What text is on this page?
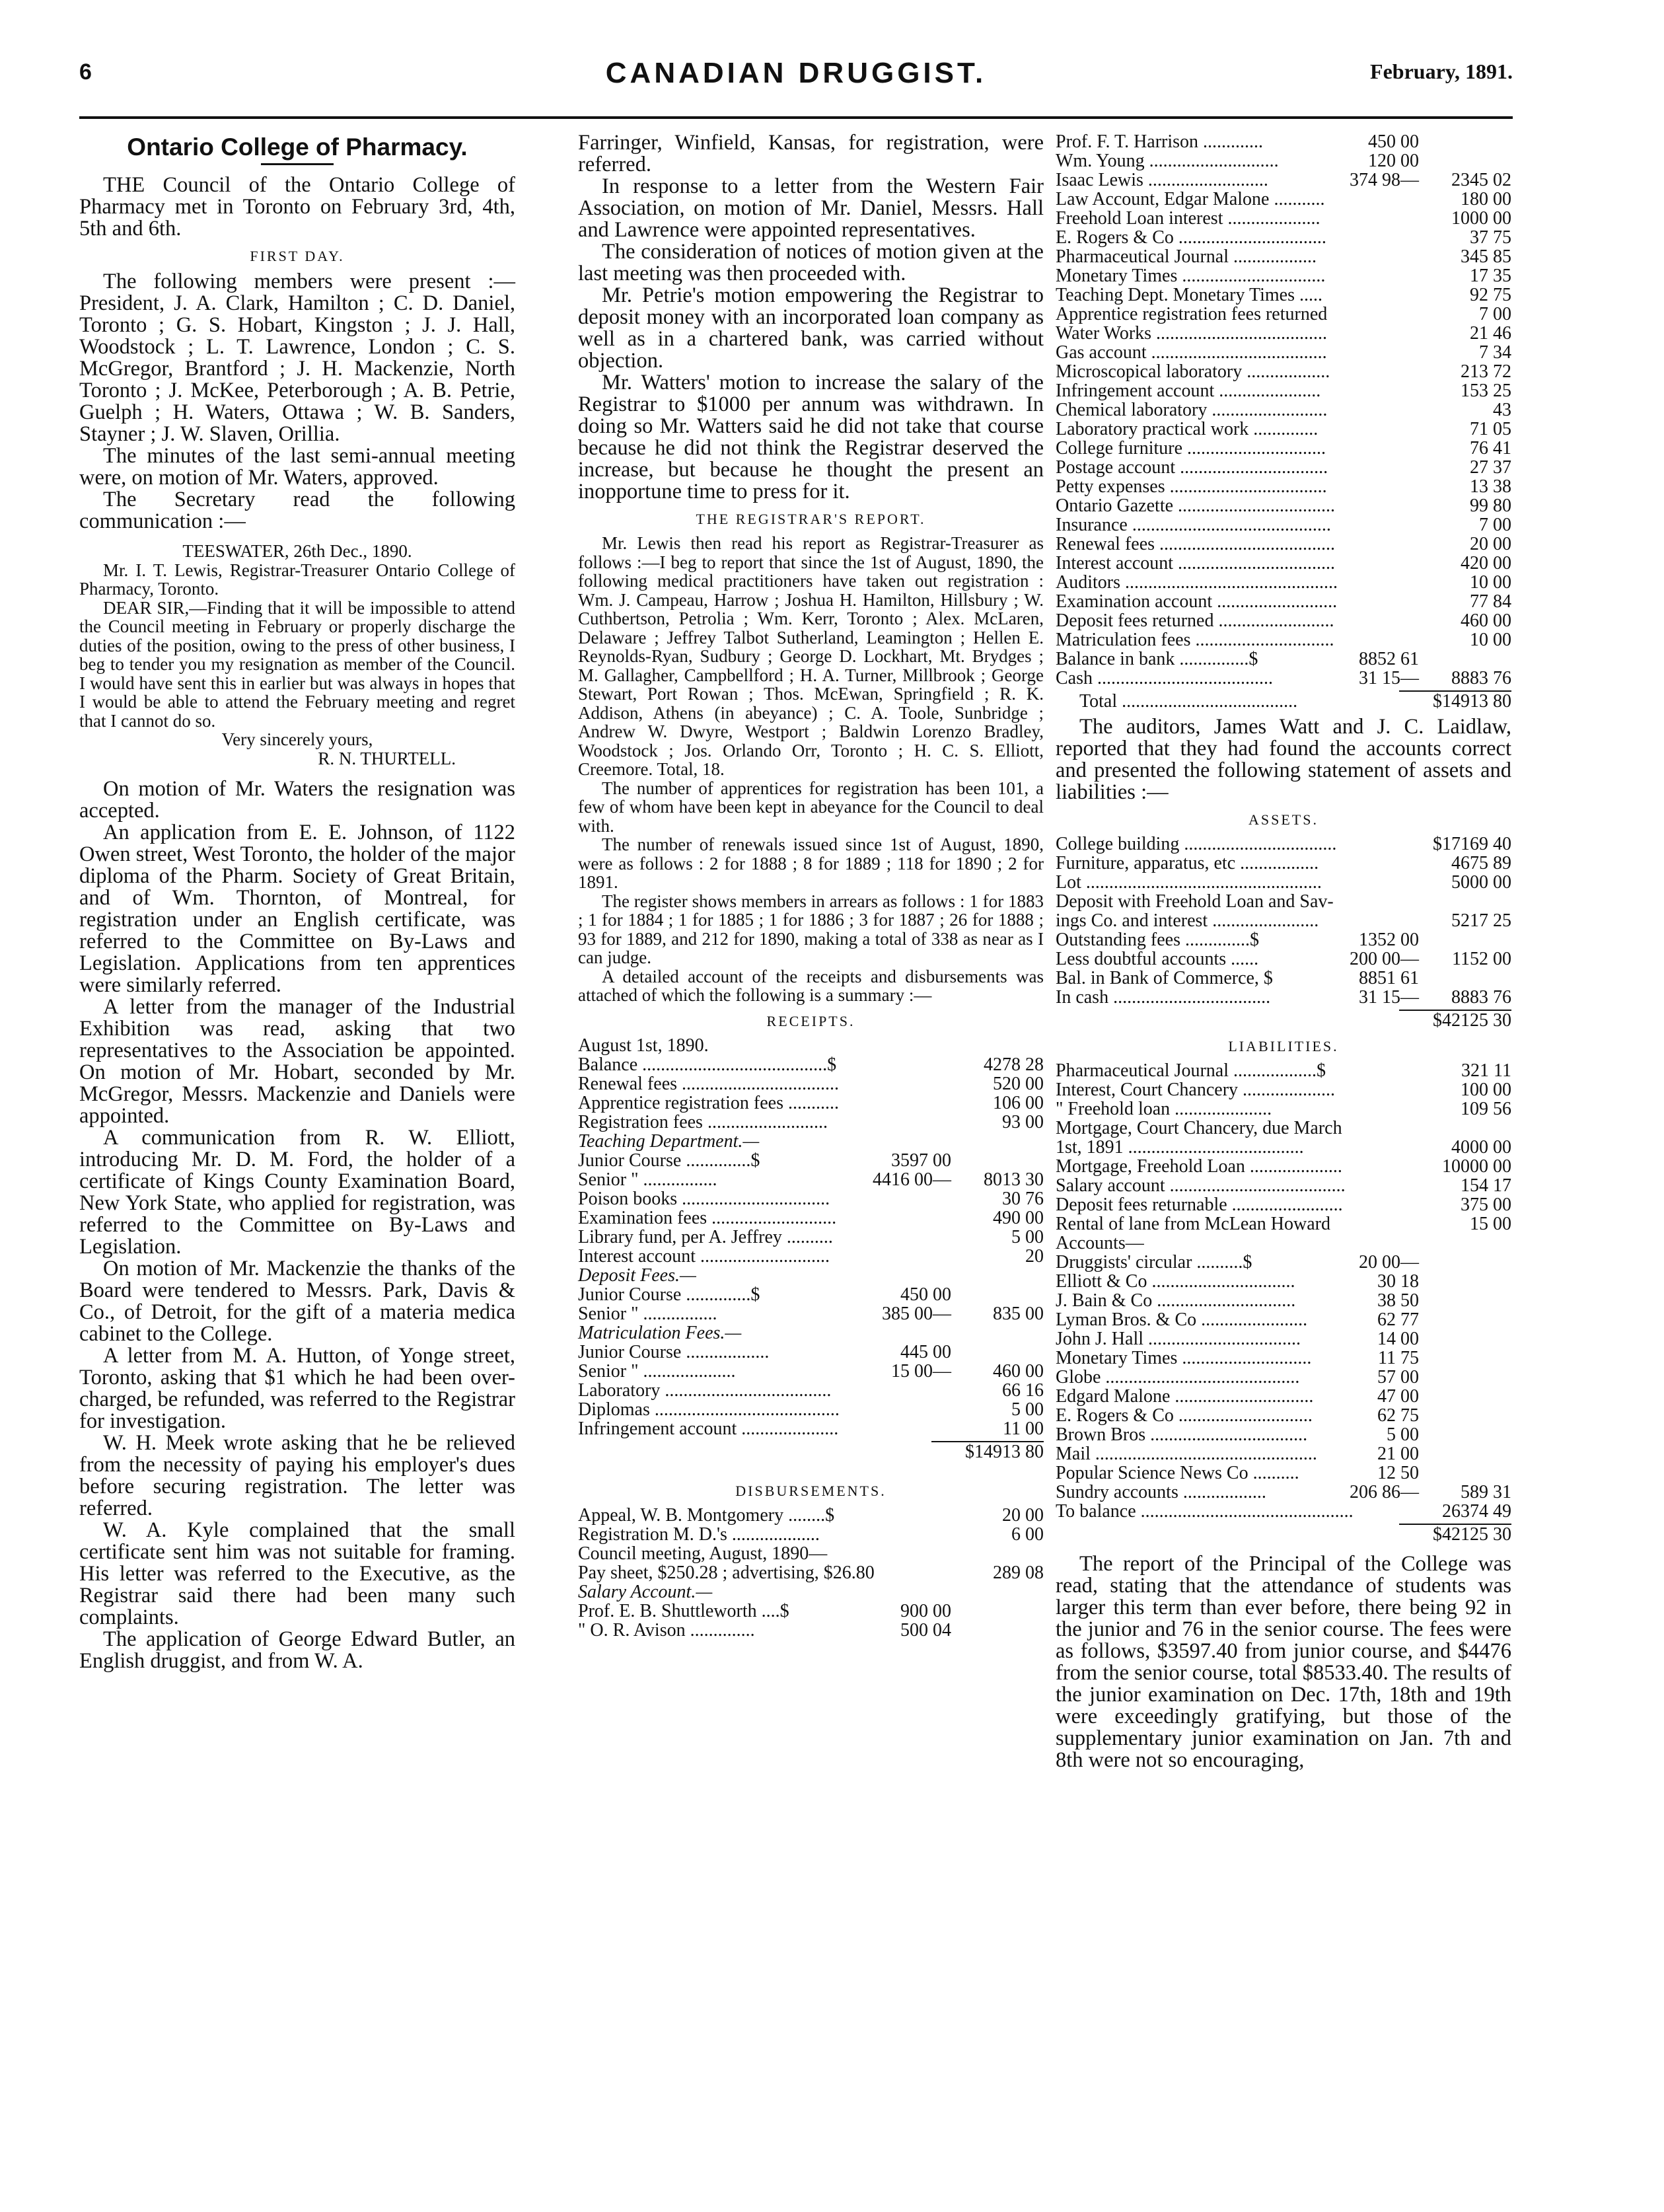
6	CANADIAN DRUGGIST.	February, 1891.
Ontario College of Pharmacy.

THE Council of the Ontario College of Pharmacy met in Toronto on February 3rd, 4th, 5th and 6th.

FIRST DAY.

The following members were present :— President, J. A. Clark, Hamilton ; C. D. Daniel, Toronto ; G. S. Hobart, Kingston ; J. J. Hall, Woodstock ; L. T. Lawrence, London ; C. S. McGregor, Brantford ; J. H. Mackenzie, North Toronto ; J. McKee, Peterborough ; A. B. Petrie, Guelph ; H. Waters, Ottawa ; W. B. Sanders, Stayner ; J. W. Slaven, Orillia.

The minutes of the last semi-annual meeting were, on motion of Mr. Waters, approved.

The Secretary read the following communication :—

TEESWATER, 26th Dec., 1890.

Mr. I. T. Lewis, Registrar-Treasurer Ontario College of Pharmacy, Toronto.

DEAR SIR,—Finding that it will be impossible to attend the Council meeting in February or properly discharge the duties of the position, owing to the press of other business, I beg to tender you my resignation as member of the Council. I would have sent this in earlier but was always in hopes that I would be able to attend the February meeting and regret that I cannot do so.

Very sincerely yours,
R. N. THURTELL.

On motion of Mr. Waters the resignation was accepted.

An application from E. E. Johnson, of 1122 Owen street, West Toronto, the holder of the major diploma of the Pharm. Society of Great Britain, and of Wm. Thornton, of Montreal, for registration under an English certificate, was referred to the Committee on By-Laws and Legislation. Applications from ten apprentices were similarly referred.

A letter from the manager of the Industrial Exhibition was read, asking that two representatives to the Association be appointed. On motion of Mr. Hobart, seconded by Mr. McGregor, Messrs. Mackenzie and Daniels were appointed.

A communication from R. W. Elliott, introducing Mr. D. M. Ford, the holder of a certificate of Kings County Examination Board, New York State, who applied for registration, was referred to the Committee on By-Laws and Legislation.

On motion of Mr. Mackenzie the thanks of the Board were tendered to Messrs. Park, Davis & Co., of Detroit, for the gift of a materia medica cabinet to the College.

A letter from M. A. Hutton, of Yonge street, Toronto, asking that $1 which he had been over-charged, be refunded, was referred to the Registrar for investigation.

W. H. Meek wrote asking that he be relieved from the necessity of paying his employer's dues before securing registration. The letter was referred.

W. A. Kyle complained that the small certificate sent him was not suitable for framing. His letter was referred to the Executive, as the Registrar said there had been many such complaints.

The application of George Edward Butler, an English druggist, and from W. A.

Farringer, Winfield, Kansas, for registration, were referred.

In response to a letter from the Western Fair Association, on motion of Mr. Daniel, Messrs. Hall and Lawrence were appointed representatives.

The consideration of notices of motion given at the last meeting was then proceeded with.

Mr. Petrie's motion empowering the Registrar to deposit money with an incorporated loan company as well as in a chartered bank, was carried without objection.

Mr. Watters' motion to increase the salary of the Registrar to $1000 per annum was withdrawn. In doing so Mr. Watters said he did not take that course because he did not think the Registrar deserved the increase, but because he thought the present an inopportune time to press for it.

THE REGISTRAR'S REPORT.

Mr. Lewis then read his report as Registrar-Treasurer as follows :—I beg to report that since the 1st of August, 1890, the following medical practitioners have taken out registration : Wm. J. Campeau, Harrow ; Joshua H. Hamilton, Hillsbury ; W. Cuthbertson, Petrolia ; Wm. Kerr, Toronto ; Alex. McLaren, Delaware ; Jeffrey Talbot Sutherland, Leamington ; Hellen E. Reynolds-Ryan, Sudbury ; George D. Lockhart, Mt. Brydges ; M. Gallagher, Campbellford ; H. A. Turner, Millbrook ; George Stewart, Port Rowan ; Thos. McEwan, Springfield ; R. K. Addison, Athens (in abeyance) ; C. A. Toole, Sunbridge ; Andrew W. Dwyre, Westport ; Baldwin Lorenzo Bradley, Woodstock ; Jos. Orlando Orr, Toronto ; H. C. S. Elliott, Creemore. Total, 18.

The number of apprentices for registration has been 101, a few of whom have been kept in abeyance for the Council to deal with.

The number of renewals issued since 1st of August, 1890, were as follows : 2 for 1888 ; 8 for 1889 ; 118 for 1890 ; 2 for 1891.

The register shows members in arrears as follows : 1 for 1883 ; 1 for 1884 ; 1 for 1885 ; 1 for 1886 ; 3 for 1887 ; 26 for 1888 ; 93 for 1889, and 212 for 1890, making a total of 338 as near as I can judge.

A detailed account of the receipts and disbursements was attached of which the following is a summary :—

RECEIPTS.
August 1st, 1890.
Balance ........................................$	4278 28
Renewal fees ..................................	520 00
Apprentice registration fees ...........	106 00
Registration fees ..........................	93 00
Teaching Department.—
Junior Course ..............$	3597 00
Senior " ................	4416 00—	8013 30
Poison books ................................	30 76
Examination fees ...........................	490 00
Library fund, per A. Jeffrey ..........	5 00
Interest account ............................	20
Deposit Fees.—
Junior Course ..............$	450 00
Senior " ................	385 00—	835 00
Matriculation Fees.—
Junior Course ..................	445 00
Senior " ....................	15 00—	460 00
Laboratory ....................................	66 16
Diplomas ........................................	5 00
Infringement account .....................	11 00
$14913 80
DISBURSEMENTS.
Appeal, W. B. Montgomery ........$	20 00
Registration M. D.'s ...................	6 00
Council meeting, August, 1890—
Pay sheet, $250.28 ; advertising, $26.80	289 08
Salary Account.—
Prof. E. B. Shuttleworth ....$	900 00
" O. R. Avison ..............	500 04
Prof. F. T. Harrison .............	450 00
Wm. Young ............................	120 00
Isaac Lewis ..........................	374 98—	2345 02
Law Account, Edgar Malone ...........	180 00
Freehold Loan interest ....................	1000 00
E. Rogers & Co ................................	37 75
Pharmaceutical Journal ..................	345 85
Monetary Times ...............................	17 35
Teaching Dept. Monetary Times .....	92 75
Apprentice registration fees returned	7 00
Water Works .....................................	21 46
Gas account ......................................	7 34
Microscopical laboratory ..................	213 72
Infringement account ......................	153 25
Chemical laboratory .........................	43
Laboratory practical work ..............	71 05
College furniture ..............................	76 41
Postage account ................................	27 37
Petty expenses ..................................	13 38
Ontario Gazette ..................................	99 80
Insurance ...........................................	7 00
Renewal fees ......................................	20 00
Interest account ..................................	420 00
Auditors ..............................................	10 00
Examination account ..........................	77 84
Deposit fees returned .........................	460 00
Matriculation fees ..............................	10 00
Balance in bank ...............$	8852 61
Cash ......................................	31 15—	8883 76
Total ......................................	$14913 80

The auditors, James Watt and J. C. Laidlaw, reported that they had found the accounts correct and presented the following statement of assets and liabilities :—

ASSETS.
College building .................................	$17169 40
Furniture, apparatus, etc .................	4675 89
Lot ...................................................	5000 00
Deposit with Freehold Loan and Sav-
ings Co. and interest .......................	5217 25
Outstanding fees ..............$	1352 00
Less doubtful accounts ......	200 00—	1152 00
Bal. in Bank of Commerce, $	8851 61
In cash ..................................	31 15—	8883 76
$42125 30
LIABILITIES.
Pharmaceutical Journal ..................$	321 11
Interest, Court Chancery ....................	100 00
" Freehold loan .....................	109 56
Mortgage, Court Chancery, due March
1st, 1891 ......................................	4000 00
Mortgage, Freehold Loan ....................	10000 00
Salary account ......................................	154 17
Deposit fees returnable ........................	375 00
Rental of lane from McLean Howard	15 00
Accounts—
Druggists' circular ..........$	20 00—
Elliott & Co ...............................	30 18
J. Bain & Co ..............................	38 50
Lyman Bros. & Co .......................	62 77
John J. Hall .................................	14 00
Monetary Times ............................	11 75
Globe ..........................................	57 00
Edgard Malone ..............................	47 00
E. Rogers & Co .............................	62 75
Brown Bros ..................................	5 00
Mail ................................................	21 00
Popular Science News Co ..........	12 50
Sundry accounts ..................	206 86—	589 31
To balance ..............................................	26374 49
$42125 30

The report of the Principal of the College was read, stating that the attendance of students was larger this term than ever before, there being 92 in the junior and 76 in the senior course. The fees were as follows, $3597.40 from junior course, and $4476 from the senior course, total $8533.40. The results of the junior examination on Dec. 17th, 18th and 19th were exceedingly gratifying, but those of the supplementary junior examination on Jan. 7th and 8th were not so encouraging,
